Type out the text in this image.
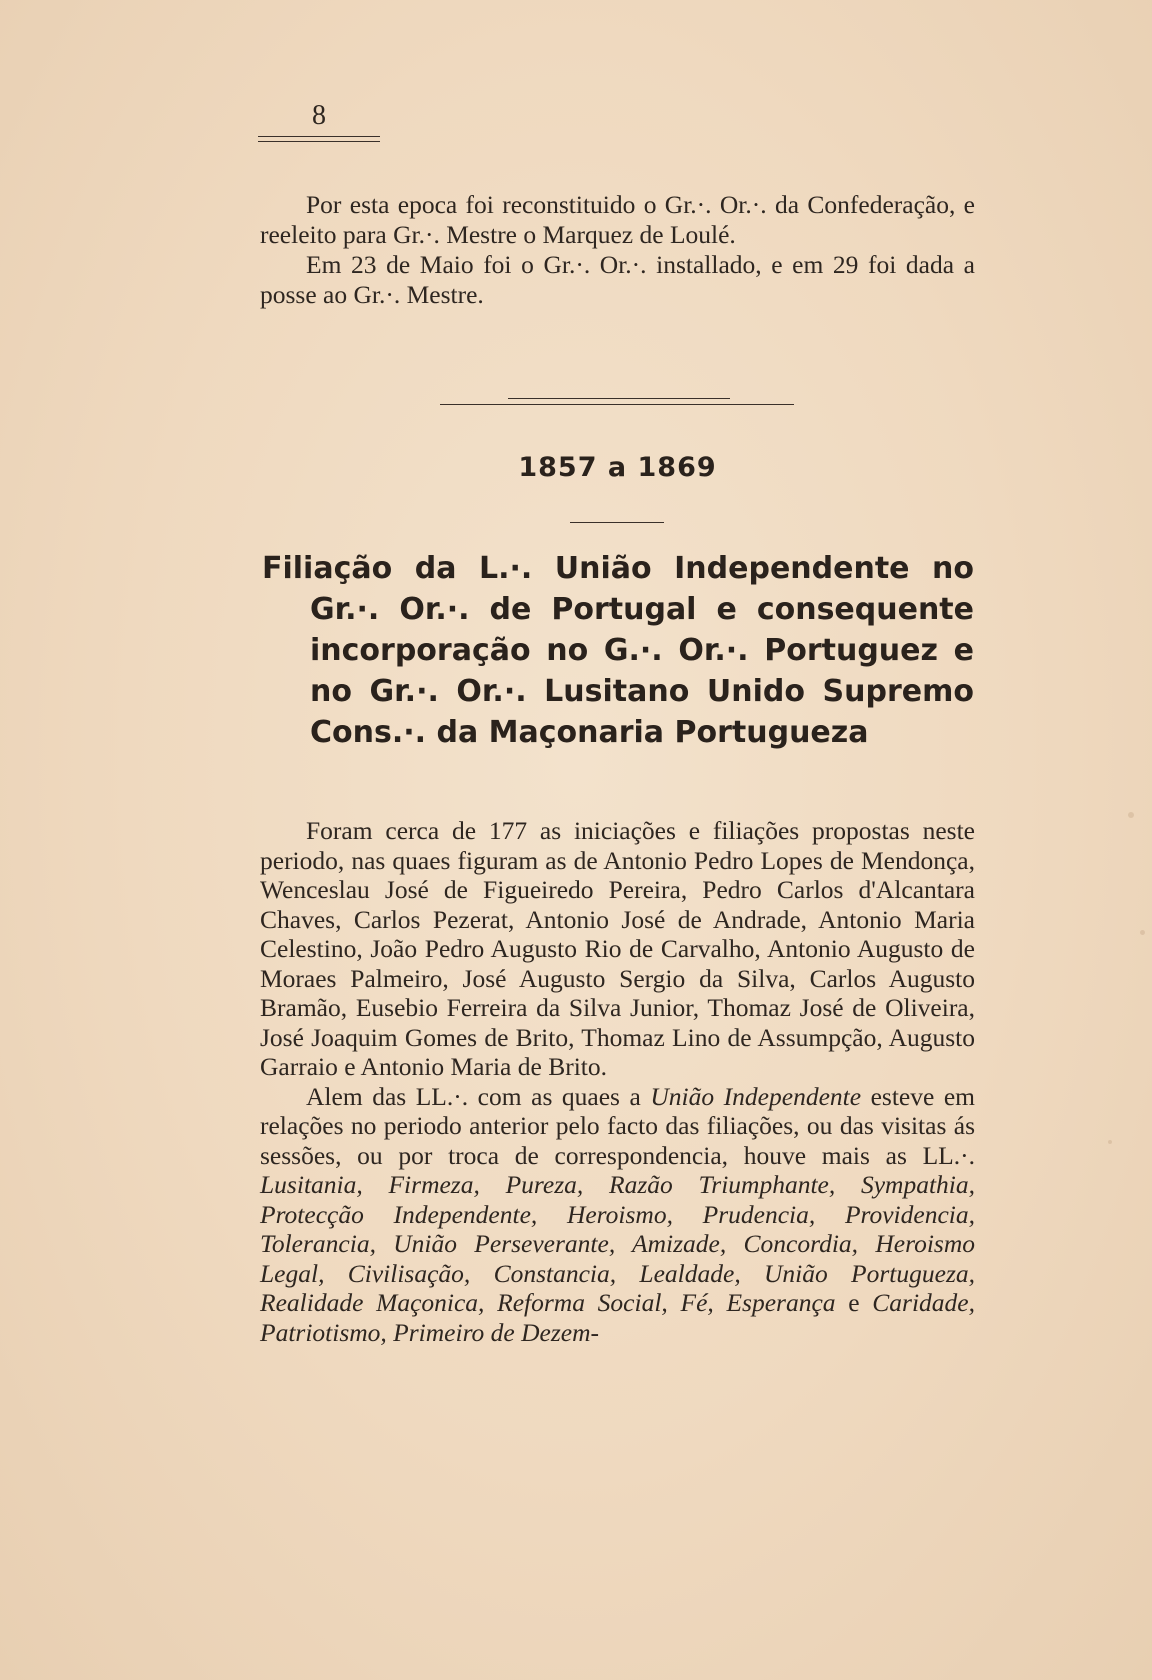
8

Por esta epoca foi reconstituido o Gr.·. Or.·. da Confederação, e reeleito para Gr.·. Mestre o Marquez de Loulé.

Em 23 de Maio foi o Gr.·. Or.·. installado, e em 29 foi dada a posse ao Gr.·. Mestre.

1857 a 1869

Filiação da L.·. União Independente no Gr.·. Or.·. de Portugal e consequente incorporação no G.·. Or.·. Portuguez e no Gr.·. Or.·. Lusitano Unido Supremo Cons.·. da Maçonaria Portugueza

Foram cerca de 177 as iniciações e filiações propostas neste periodo, nas quaes figuram as de Antonio Pedro Lopes de Mendonça, Wenceslau José de Figueiredo Pereira, Pedro Carlos d'Alcantara Chaves, Carlos Pezerat, Antonio José de Andrade, Antonio Maria Celestino, João Pedro Augusto Rio de Carvalho, Antonio Augusto de Moraes Palmeiro, José Augusto Sergio da Silva, Carlos Augusto Bramão, Eusebio Ferreira da Silva Junior, Thomaz José de Oliveira, José Joaquim Gomes de Brito, Thomaz Lino de Assumpção, Augusto Garraio e Antonio Maria de Brito.

Alem das LL.·. com as quaes a União Independente esteve em relações no periodo anterior pelo facto das filiações, ou das visitas ás sessões, ou por troca de correspondencia, houve mais as LL.·. Lusitania, Firmeza, Pureza, Razão Triumphante, Sympathia, Protecção Independente, Heroismo, Prudencia, Providencia, Tolerancia, União Perseverante, Amizade, Concordia, Heroismo Legal, Civilisação, Constancia, Lealdade, União Portugueza, Realidade Maçonica, Reforma Social, Fé, Esperança e Caridade, Patriotismo, Primeiro de Dezem-
